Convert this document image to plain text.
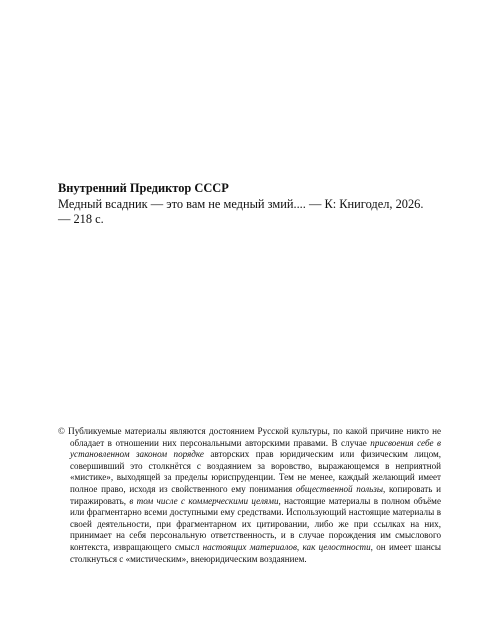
Внутренний Предиктор СССР
Медный всадник — это вам не медный змий.... — К: Книгодел, 2026.
— 218 с.

© Публикуемые материалы являются достоянием Русской культуры, по какой причине никто не обладает в отношении них персональными авторскими правами. В случае присвоения себе в установленном законом порядке авторских прав юридическим или физическим лицом, совершивший это столкнётся с воздаянием за воровство, выражающемся в неприятной «мистике», выходящей за пределы юриспруденции. Тем не менее, каждый желающий имеет полное право, исходя из свойственного ему понимания общественной пользы, копировать и тиражировать, в том числе с коммерческими целями, настоящие материалы в полном объёме или фрагментарно всеми доступными ему средствами. Использующий настоящие материалы в своей деятельности, при фрагментарном их цитировании, либо же при ссылках на них, принимает на себя персональную ответственность, и в случае порождения им смыслового контекста, извращающего смысл настоящих материалов, как целостности, он имеет шансы столкнуться с «мистическим», внеюридическим воздаянием.
